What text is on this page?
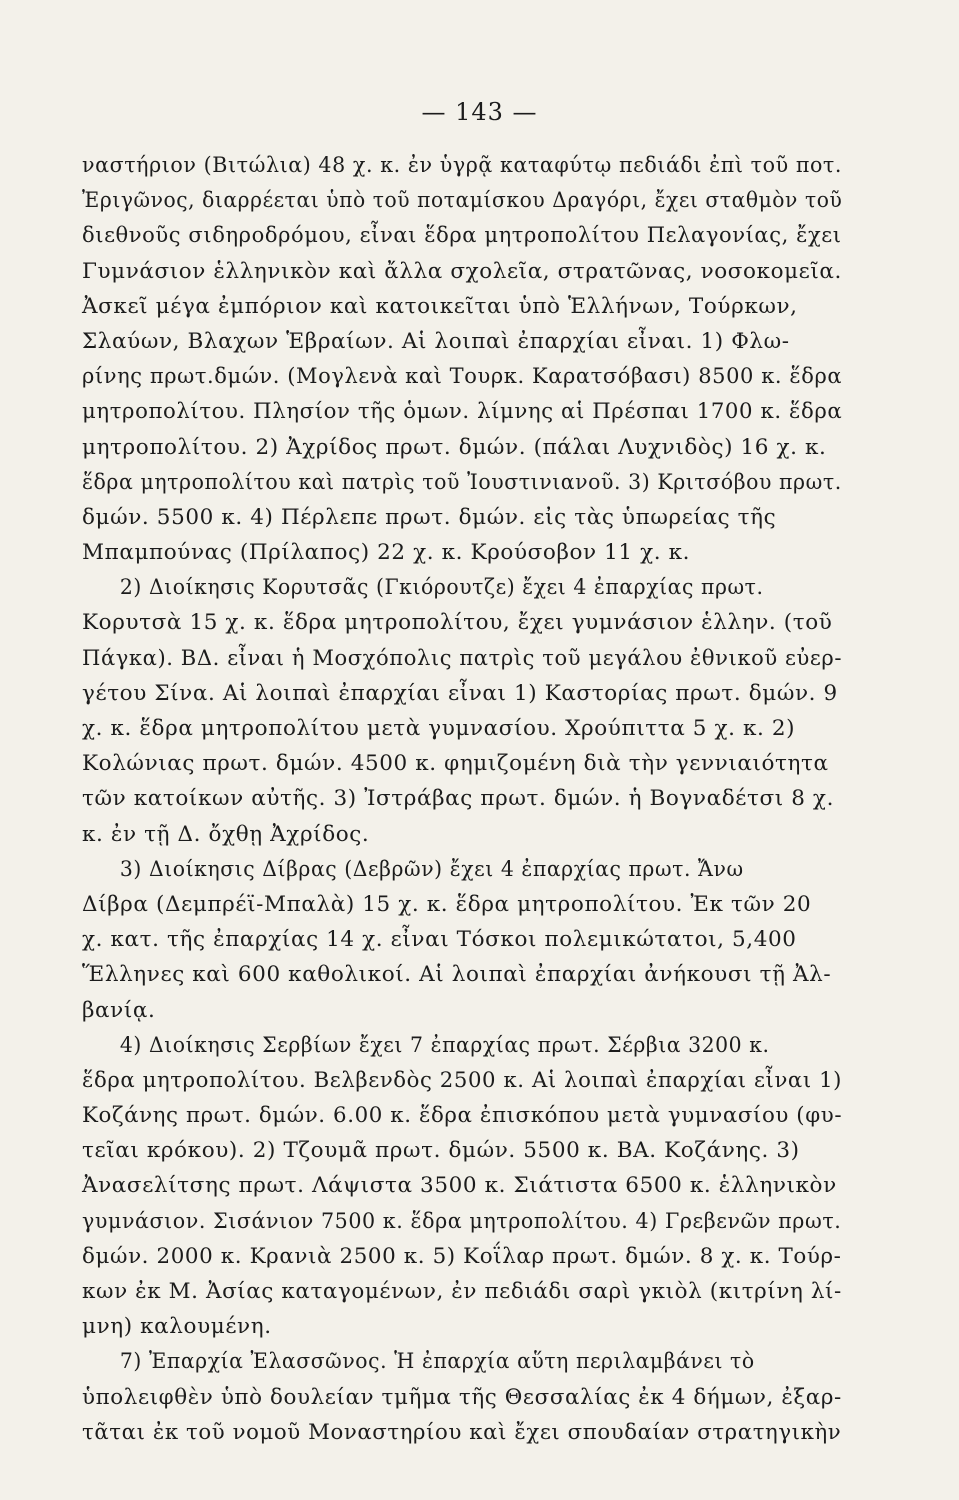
— 143 —
ναστήριον (Βιτώλια) 48 χ. κ. ἐν ὑγρᾷ καταφύτῳ πεδιάδι ἐπὶ τοῦ ποτ.
Ἐριγῶνος, διαρρέεται ὑπὸ τοῦ ποταμίσκου Δραγόρι, ἔχει σταθμὸν τοῦ
διεθνοῦς σιδηροδρόμου, εἶναι ἕδρα μητροπολίτου Πελαγονίας, ἔχει
Γυμνάσιον ἑλληνικὸν καὶ ἄλλα σχολεῖα, στρατῶνας, νοσοκομεῖα.
Ἀσκεῖ μέγα ἐμπόριον καὶ κατοικεῖται ὑπὸ Ἑλλήνων, Τούρκων,
Σλαύων, Βλαχων Ἑβραίων. Αἱ λοιπαὶ ἐπαρχίαι εἶναι. 1) Φλω-
ρίνης πρωτ.δμών. (Μογλενὰ καὶ Τουρκ. Καρατσόβασι) 8500 κ. ἕδρα
μητροπολίτου. Πλησίον τῆς ὁμων. λίμνης αἱ Πρέσπαι 1700 κ. ἕδρα
μητροπολίτου. 2) Ἀχρίδος πρωτ. δμών. (πάλαι Λυχνιδὸς) 16 χ. κ.
ἕδρα μητροπολίτου καὶ πατρὶς τοῦ Ἰουστινιανοῦ. 3) Κριτσόβου πρωτ.
δμών. 5500 κ. 4) Πέρλεπε πρωτ. δμών. εἰς τὰς ὑπωρείας τῆς
Μπαμπούνας (Πρίλαπος) 22 χ. κ. Κρούσοβον 11 χ. κ.
2) Διοίκησις Κορυτσᾶς (Γκιόρουτζε) ἔχει 4 ἐπαρχίας πρωτ.
Κορυτσὰ 15 χ. κ. ἕδρα μητροπολίτου, ἔχει γυμνάσιον ἑλλην. (τοῦ
Πάγκα). ΒΔ. εἶναι ἡ Μοσχόπολις πατρὶς τοῦ μεγάλου ἐθνικοῦ εὐερ-
γέτου Σίνα. Αἱ λοιπαὶ ἐπαρχίαι εἶναι 1) Καστορίας πρωτ. δμών. 9
χ. κ. ἕδρα μητροπολίτου μετὰ γυμνασίου. Χρούπιττα 5 χ. κ. 2)
Κολώνιας πρωτ. δμών. 4500 κ. φημιζομένη διὰ τὴν γεννιαιότητα
τῶν κατοίκων αὐτῆς. 3) Ἰστράβας πρωτ. δμών. ἡ Βογναδέτσι 8 χ.
κ. ἐν τῇ Δ. ὄχθῃ Ἀχρίδος.
3) Διοίκησις Δίβρας (Δεβρῶν) ἔχει 4 ἐπαρχίας πρωτ. Ἄνω
Δίβρα (Δεμπρέϊ-Μπαλὰ) 15 χ. κ. ἕδρα μητροπολίτου. Ἐκ τῶν 20
χ. κατ. τῆς ἐπαρχίας 14 χ. εἶναι Τόσκοι πολεμικώτατοι, 5,400
Ἕλληνες καὶ 600 καθολικοί. Αἱ λοιπαὶ ἐπαρχίαι ἀνήκουσι τῇ Ἀλ-
βανίᾳ.
4) Διοίκησις Σερβίων ἔχει 7 ἐπαρχίας πρωτ. Σέρβια 3200 κ.
ἕδρα μητροπολίτου. Βελβενδὸς 2500 κ. Αἱ λοιπαὶ ἐπαρχίαι εἶναι 1)
Κοζάνης πρωτ. δμών. 6.00 κ. ἕδρα ἐπισκόπου μετὰ γυμνασίου (φυ-
τεῖαι κρόκου). 2) Τζουμᾶ πρωτ. δμών. 5500 κ. ΒΑ. Κοζάνης. 3)
Ἀνασελίτσης πρωτ. Λάψιστα 3500 κ. Σιάτιστα 6500 κ. ἑλληνικὸν
γυμνάσιον. Σισάνιον 7500 κ. ἕδρα μητροπολίτου. 4) Γρεβενῶν πρωτ.
δμών. 2000 κ. Κρανιὰ 2500 κ. 5) Κοΐλαρ πρωτ. δμών. 8 χ. κ. Τούρ-
κων ἐκ Μ. Ἀσίας καταγομένων, ἐν πεδιάδι σαρὶ γκιὸλ (κιτρίνη λί-
μνη) καλουμένη.
7) Ἐπαρχία Ἐλασσῶνος. Ἡ ἐπαρχία αὕτη περιλαμβάνει τὸ
ὑπολειφθὲν ὑπὸ δουλείαν τμῆμα τῆς Θεσσαλίας ἐκ 4 δήμων, ἐξαρ-
τᾶται ἐκ τοῦ νομοῦ Μοναστηρίου καὶ ἔχει σπουδαίαν στρατηγικὴν
